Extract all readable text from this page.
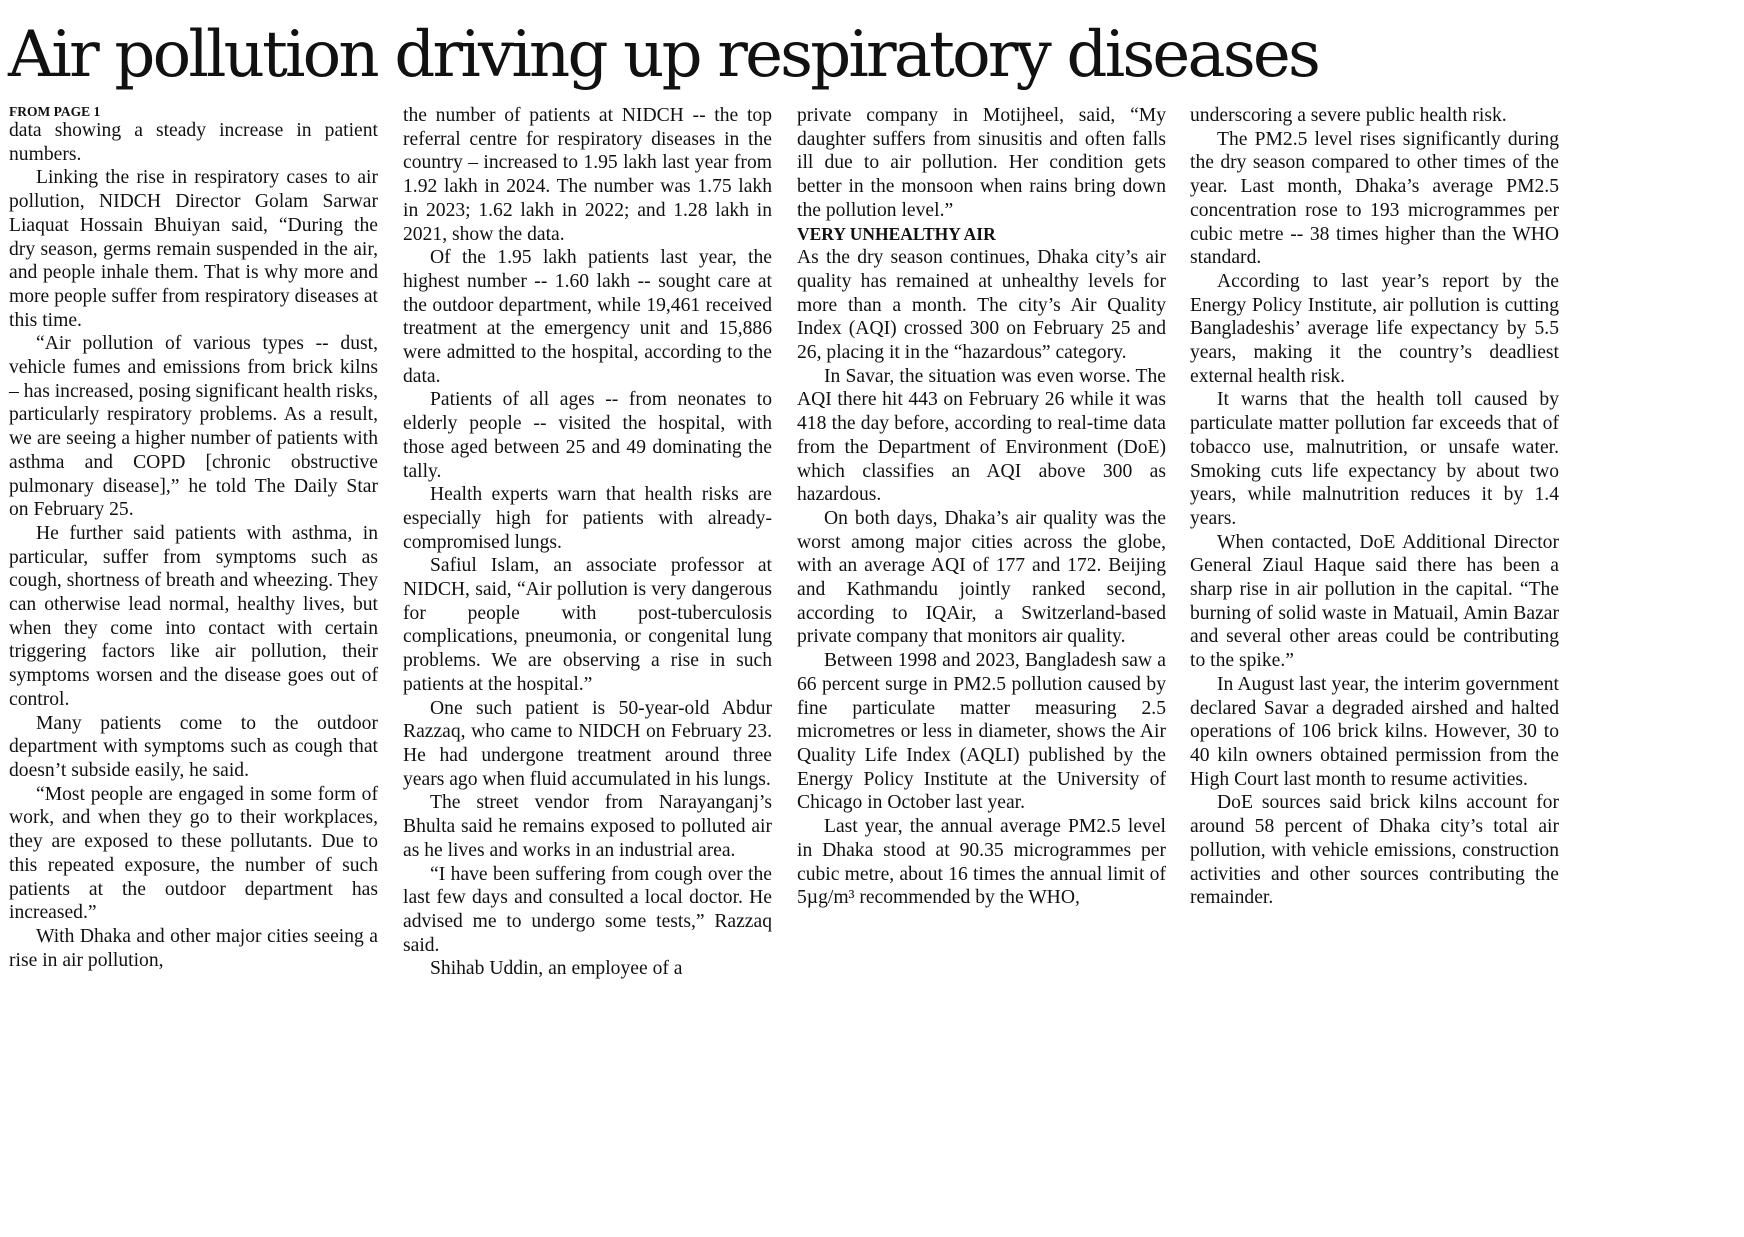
Air pollution driving up respiratory diseases
FROM PAGE 1

data showing a steady increase in patient numbers.

Linking the rise in respiratory cases to air pollution, NIDCH Director Golam Sarwar Liaquat Hossain Bhuiyan said, “During the dry season, germs remain suspended in the air, and people inhale them. That is why more and more people suffer from respiratory diseases at this time.

“Air pollution of various types -- dust, vehicle fumes and emissions from brick kilns – has increased, posing significant health risks, particularly respiratory problems. As a result, we are seeing a higher number of patients with asthma and COPD [chronic obstructive pulmonary disease],” he told The Daily Star on February 25.

He further said patients with asthma, in particular, suffer from symptoms such as cough, shortness of breath and wheezing. They can otherwise lead normal, healthy lives, but when they come into contact with certain triggering factors like air pollution, their symptoms worsen and the disease goes out of control.

Many patients come to the outdoor department with symptoms such as cough that doesn’t subside easily, he said.

“Most people are engaged in some form of work, and when they go to their workplaces, they are exposed to these pollutants. Due to this repeated exposure, the number of such patients at the outdoor department has increased.”

With Dhaka and other major cities seeing a rise in air pollution,

the number of patients at NIDCH -- the top referral centre for respiratory diseases in the country – increased to 1.95 lakh last year from 1.92 lakh in 2024. The number was 1.75 lakh in 2023; 1.62 lakh in 2022; and 1.28 lakh in 2021, show the data.

Of the 1.95 lakh patients last year, the highest number -- 1.60 lakh -- sought care at the outdoor department, while 19,461 received treatment at the emergency unit and 15,886 were admitted to the hospital, according to the data.

Patients of all ages -- from neonates to elderly people -- visited the hospital, with those aged between 25 and 49 dominating the tally.

Health experts warn that health risks are especially high for patients with already-compromised lungs.

Safiul Islam, an associate professor at NIDCH, said, “Air pollution is very dangerous for people with post-tuberculosis complications, pneumonia, or congenital lung problems. We are observing a rise in such patients at the hospital.”

One such patient is 50-year-old Abdur Razzaq, who came to NIDCH on February 23. He had undergone treatment around three years ago when fluid accumulated in his lungs.

The street vendor from Narayanganj’s Bhulta said he remains exposed to polluted air as he lives and works in an industrial area.

“I have been suffering from cough over the last few days and consulted a local doctor. He advised me to undergo some tests,” Razzaq said.

Shihab Uddin, an employee of a

private company in Motijheel, said, “My daughter suffers from sinusitis and often falls ill due to air pollution. Her condition gets better in the monsoon when rains bring down the pollution level.”

VERY UNHEALTHY AIR

As the dry season continues, Dhaka city’s air quality has remained at unhealthy levels for more than a month. The city’s Air Quality Index (AQI) crossed 300 on February 25 and 26, placing it in the “hazardous” category.

In Savar, the situation was even worse. The AQI there hit 443 on February 26 while it was 418 the day before, according to real-time data from the Department of Environment (DoE) which classifies an AQI above 300 as hazardous.

On both days, Dhaka’s air quality was the worst among major cities across the globe, with an average AQI of 177 and 172. Beijing and Kathmandu jointly ranked second, according to IQAir, a Switzerland-based private company that monitors air quality.

Between 1998 and 2023, Bangladesh saw a 66 percent surge in PM2.5 pollution caused by fine particulate matter measuring 2.5 micrometres or less in diameter, shows the Air Quality Life Index (AQLI) published by the Energy Policy Institute at the University of Chicago in October last year.

Last year, the annual average PM2.5 level in Dhaka stood at 90.35 microgrammes per cubic metre, about 16 times the annual limit of 5µg/m³ recommended by the WHO,

underscoring a severe public health risk.

The PM2.5 level rises significantly during the dry season compared to other times of the year. Last month, Dhaka’s average PM2.5 concentration rose to 193 microgrammes per cubic metre -- 38 times higher than the WHO standard.

According to last year’s report by the Energy Policy Institute, air pollution is cutting Bangladeshis’ average life expectancy by 5.5 years, making it the country’s deadliest external health risk.

It warns that the health toll caused by particulate matter pollution far exceeds that of tobacco use, malnutrition, or unsafe water. Smoking cuts life expectancy by about two years, while malnutrition reduces it by 1.4 years.

When contacted, DoE Additional Director General Ziaul Haque said there has been a sharp rise in air pollution in the capital. “The burning of solid waste in Matuail, Amin Bazar and several other areas could be contributing to the spike.”

In August last year, the interim government declared Savar a degraded airshed and halted operations of 106 brick kilns. However, 30 to 40 kiln owners obtained permission from the High Court last month to resume activities.

DoE sources said brick kilns account for around 58 percent of Dhaka city’s total air pollution, with vehicle emissions, construction activities and other sources contributing the remainder.
